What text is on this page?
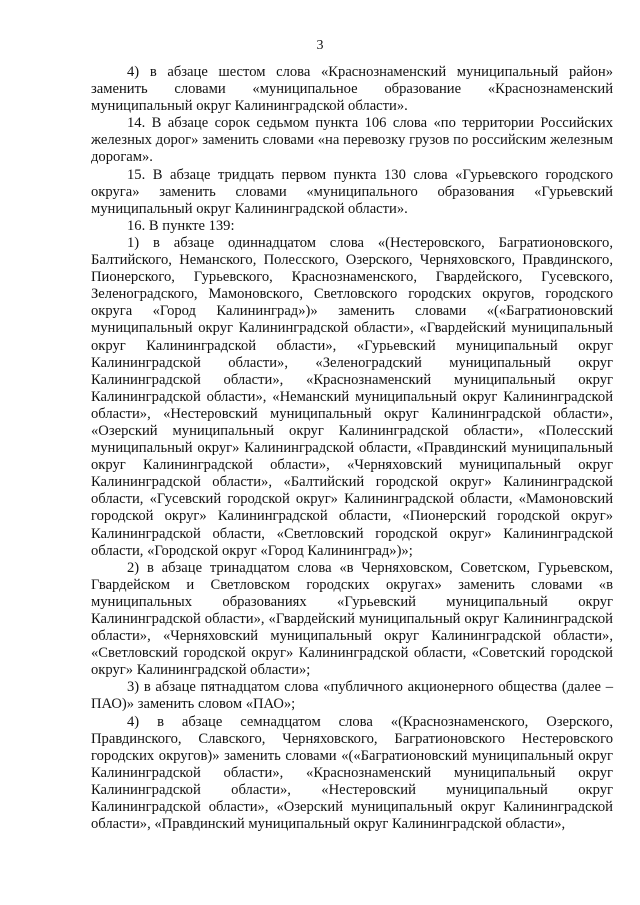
3

4) в абзаце шестом слова «Краснознаменский муниципальный район» заменить словами «муниципальное образование «Краснознаменский муниципальный округ Калининградской области».

14. В абзаце сорок седьмом пункта 106 слова «по территории Российских железных дорог» заменить словами «на перевозку грузов по российским железным дорогам».

15. В абзаце тридцать первом пункта 130 слова «Гурьевского городского округа» заменить словами «муниципального образования «Гурьевский муниципальный округ Калининградской области».

16. В пункте 139:

1) в абзаце одиннадцатом слова «(Нестеровского, Багратионовского, Балтийского, Неманского, Полесского, Озерского, Черняховского, Правдинского, Пионерского, Гурьевского, Краснознаменского, Гвардейского, Гусевского, Зеленоградского, Мамоновского, Светловского городских округов, городского округа «Город Калининград»)» заменить словами «(«Багратионовский муниципальный округ Калининградской области», «Гвардейский муниципальный округ Калининградской области», «Гурьевский муниципальный округ Калининградской области», «Зеленоградский муниципальный округ Калининградской области», «Краснознаменский муниципальный округ Калининградской области», «Неманский муниципальный округ Калининградской области», «Нестеровский муниципальный округ Калининградской области», «Озерский муниципальный округ Калининградской области», «Полесский муниципальный округ» Калининградской области, «Правдинский муниципальный округ Калининградской области», «Черняховский муниципальный округ Калининградской области», «Балтийский городской округ» Калининградской области, «Гусевский городской округ» Калининградской области, «Мамоновский городской округ» Калининградской области, «Пионерский городской округ» Калининградской области, «Светловский городской округ» Калининградской области, «Городской округ «Город Калининград»)»;

2) в абзаце тринадцатом слова «в Черняховском, Советском, Гурьевском, Гвардейском и Светловском городских округах» заменить словами «в муниципальных образованиях «Гурьевский муниципальный округ Калининградской области», «Гвардейский муниципальный округ Калининградской области», «Черняховский муниципальный округ Калининградской области», «Светловский городской округ» Калининградской области, «Советский городской округ» Калининградской области»;

3) в абзаце пятнадцатом слова «публичного акционерного общества (далее – ПАО)» заменить словом «ПАО»;

4) в абзаце семнадцатом слова «(Краснознаменского, Озерского, Правдинского, Славского, Черняховского, Багратионовского Нестеровского городских округов)» заменить словами «(«Багратионовский муниципальный округ Калининградской области», «Краснознаменский муниципальный округ Калининградской области», «Нестеровский муниципальный округ Калининградской области», «Озерский муниципальный округ Калининградской области», «Правдинский муниципальный округ Калининградской области»,
